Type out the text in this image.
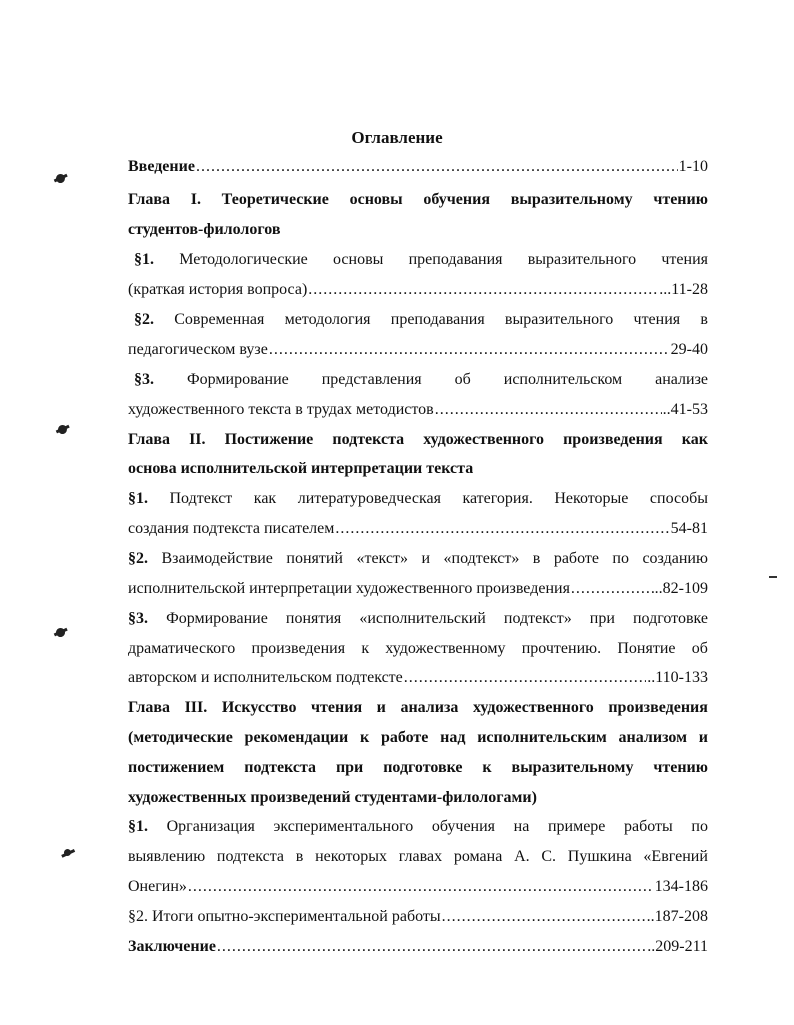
Оглавление
Введение .....	1-10
Глава I. Теоретические основы обучения выразительному чтению
студентов-филологов
§1. Методологические основы преподавания выразительного чтения
(краткая история вопроса) .....	...11-28
§2. Современная методология преподавания выразительного чтения в
педагогическом вузе .....	29-40
§3. Формирование представления об исполнительском анализе
художественного текста в трудах методистов .....	..41-53
Глава II. Постижение подтекста художественного произведения как
основа исполнительской интерпретации текста
§1. Подтекст как литературоведческая категория. Некоторые способы
создания подтекста писателем .....	54-81
§2. Взаимодействие понятий «текст» и «подтекст» в работе по созданию
исполнительской интерпретации художественного произведения .....	..82-109
§3. Формирование понятия «исполнительский подтекст» при подготовке
драматического произведения к художественному прочтению. Понятие об
авторском и исполнительском подтексте .....	..110-133
Глава III. Искусство чтения и анализа художественного произведения
(методические рекомендации к работе над исполнительским анализом и
постижением подтекста при подготовке к выразительному чтению
художественных произведений студентами-филологами)
§1. Организация экспериментального обучения на примере работы по
выявлению подтекста в некоторых главах романа А. С. Пушкина «Евгений
Онегин» .....	134-186
§2. Итоги опытно-экспериментальной работы .....	..187-208
Заключение .....	..209-211
